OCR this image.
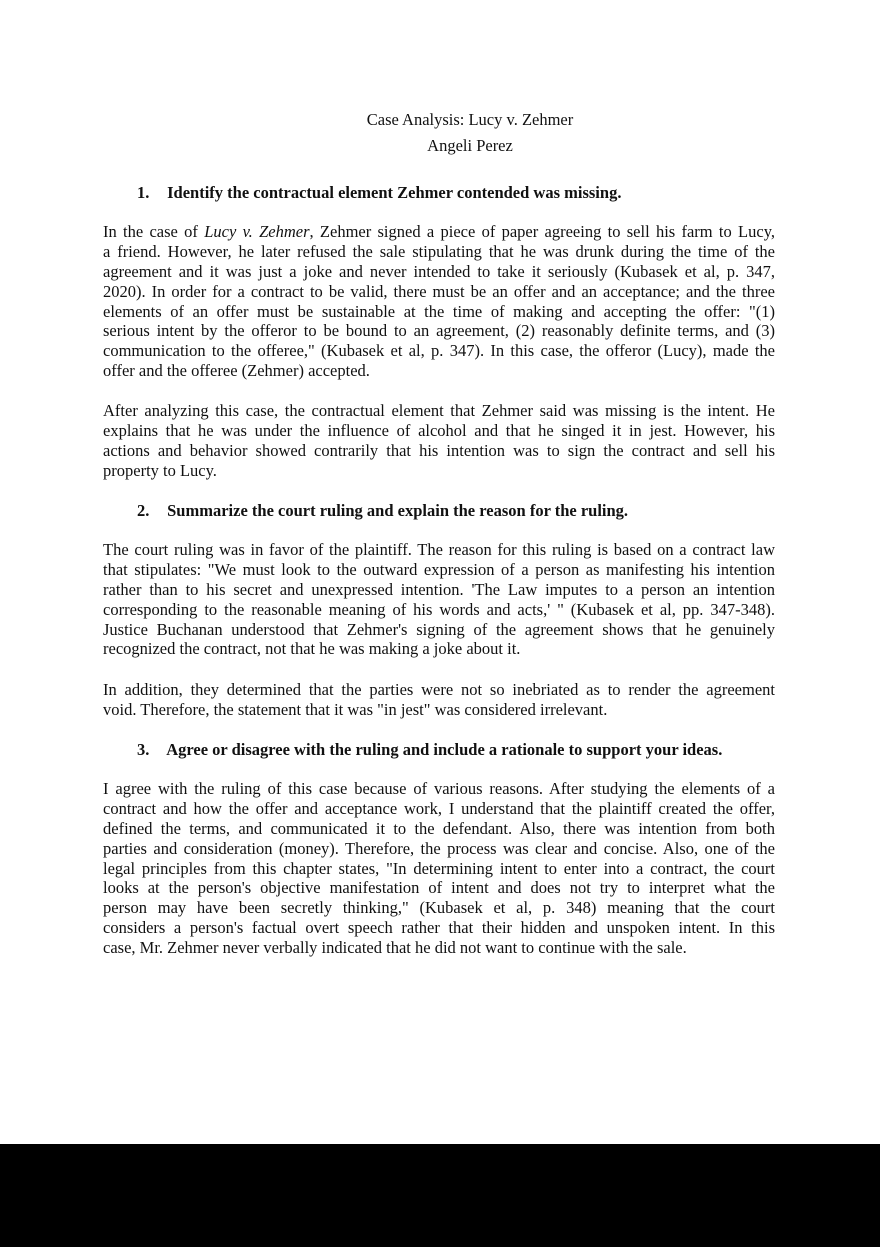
Case Analysis: Lucy v. Zehmer
Angeli Perez
1. Identify the contractual element Zehmer contended was missing.
In the case of Lucy v. Zehmer, Zehmer signed a piece of paper agreeing to sell his farm to Lucy,
a friend. However, he later refused the sale stipulating that he was drunk during the time of the
agreement and it was just a joke and never intended to take it seriously (Kubasek et al, p. 347,
2020). In order for a contract to be valid, there must be an offer and an acceptance; and the three
elements of an offer must be sustainable at the time of making and accepting the offer: "(1)
serious intent by the offeror to be bound to an agreement, (2) reasonably definite terms, and (3)
communication to the offeree," (Kubasek et al, p. 347). In this case, the offeror (Lucy), made the
offer and the offeree (Zehmer) accepted.
After analyzing this case, the contractual element that Zehmer said was missing is the intent. He
explains that he was under the influence of alcohol and that he singed it in jest. However, his
actions and behavior showed contrarily that his intention was to sign the contract and sell his
property to Lucy.
2. Summarize the court ruling and explain the reason for the ruling.
The court ruling was in favor of the plaintiff. The reason for this ruling is based on a contract law
that stipulates: "We must look to the outward expression of a person as manifesting his intention
rather than to his secret and unexpressed intention. 'The Law imputes to a person an intention
corresponding to the reasonable meaning of his words and acts,' " (Kubasek et al, pp. 347-348).
Justice Buchanan understood that Zehmer's signing of the agreement shows that he genuinely
recognized the contract, not that he was making a joke about it.
In addition, they determined that the parties were not so inebriated as to render the agreement
void. Therefore, the statement that it was "in jest" was considered irrelevant.
3. Agree or disagree with the ruling and include a rationale to support your ideas.
I agree with the ruling of this case because of various reasons. After studying the elements of a
contract and how the offer and acceptance work, I understand that the plaintiff created the offer,
defined the terms, and communicated it to the defendant. Also, there was intention from both
parties and consideration (money). Therefore, the process was clear and concise. Also, one of the
legal principles from this chapter states, "In determining intent to enter into a contract, the court
looks at the person's objective manifestation of intent and does not try to interpret what the
person may have been secretly thinking," (Kubasek et al, p. 348) meaning that the court
considers a person's factual overt speech rather that their hidden and unspoken intent. In this
case, Mr. Zehmer never verbally indicated that he did not want to continue with the sale.
